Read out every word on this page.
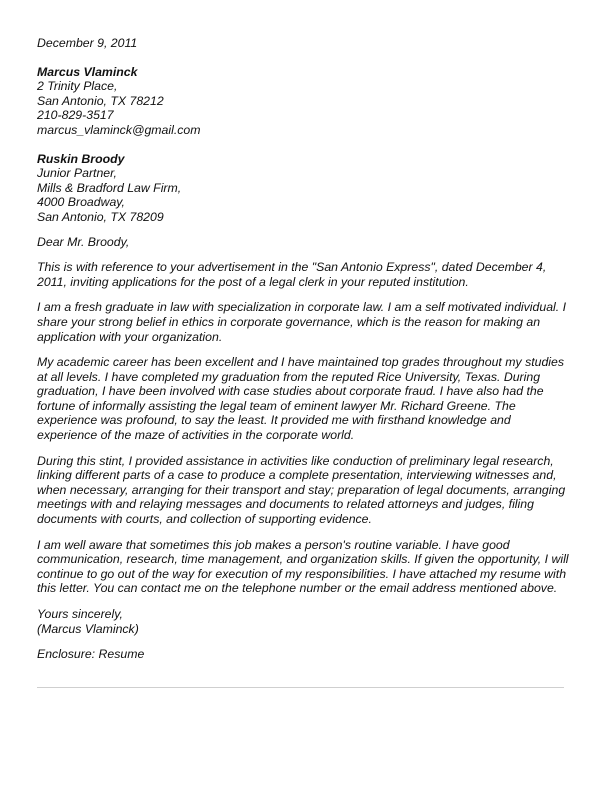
December 9, 2011
Marcus Vlaminck
2 Trinity Place,
San Antonio, TX 78212
210-829-3517
marcus_vlaminck@gmail.com
Ruskin Broody
Junior Partner,
Mills & Bradford Law Firm,
4000 Broadway,
San Antonio, TX 78209
Dear Mr. Broody,
This is with reference to your advertisement in the "San Antonio Express", dated December 4,
2011, inviting applications for the post of a legal clerk in your reputed institution.
I am a fresh graduate in law with specialization in corporate law. I am a self motivated individual. I
share your strong belief in ethics in corporate governance, which is the reason for making an
application with your organization.
My academic career has been excellent and I have maintained top grades throughout my studies
at all levels. I have completed my graduation from the reputed Rice University, Texas. During
graduation, I have been involved with case studies about corporate fraud. I have also had the
fortune of informally assisting the legal team of eminent lawyer Mr. Richard Greene. The
experience was profound, to say the least. It provided me with firsthand knowledge and
experience of the maze of activities in the corporate world.
During this stint, I provided assistance in activities like conduction of preliminary legal research,
linking different parts of a case to produce a complete presentation, interviewing witnesses and,
when necessary, arranging for their transport and stay; preparation of legal documents, arranging
meetings with and relaying messages and documents to related attorneys and judges, filing
documents with courts, and collection of supporting evidence.
I am well aware that sometimes this job makes a person's routine variable. I have good
communication, research, time management, and organization skills. If given the opportunity, I will
continue to go out of the way for execution of my responsibilities. I have attached my resume with
this letter. You can contact me on the telephone number or the email address mentioned above.
Yours sincerely,
(Marcus Vlaminck)
Enclosure: Resume
